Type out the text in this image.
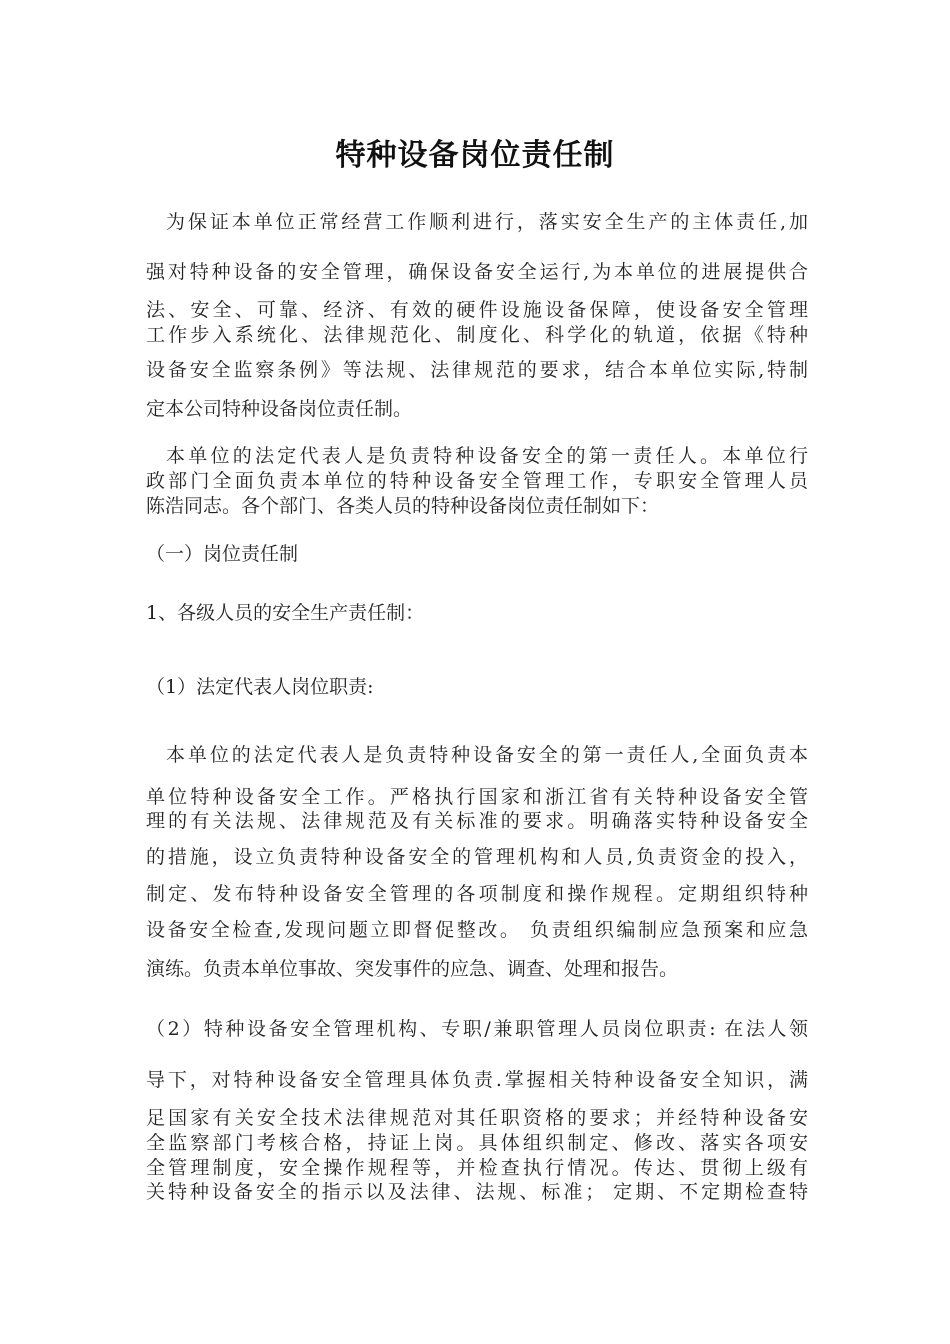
特种设备岗位责任制
为保证本单位正常经营工作顺利进行，落实安全生产的主体责任,加
强对特种设备的安全管理，确保设备安全运行,为本单位的进展提供合
法、安全、可靠、经济、有效的硬件设施设备保障，使设备安全管理
工作步入系统化、法律规范化、制度化、科学化的轨道，依据《特种
设备安全监察条例》等法规、法律规范的要求，结合本单位实际,特制
定本公司特种设备岗位责任制。
本单位的法定代表人是负责特种设备安全的第一责任人。本单位行
政部门全面负责本单位的特种设备安全管理工作，专职安全管理人员
陈浩同志。各个部门、各类人员的特种设备岗位责任制如下：
（一）岗位责任制
1、各级人员的安全生产责任制：
（1）法定代表人岗位职责:
本单位的法定代表人是负责特种设备安全的第一责任人,全面负责本
单位特种设备安全工作。严格执行国家和浙江省有关特种设备安全管
理的有关法规、法律规范及有关标准的要求。明确落实特种设备安全
的措施，设立负责特种设备安全的管理机构和人员,负责资金的投入，
制定、发布特种设备安全管理的各项制度和操作规程。定期组织特种
设备安全检查,发现问题立即督促整改。 负责组织编制应急预案和应急
演练。负责本单位事故、突发事件的应急、调查、处理和报告。
（2）特种设备安全管理机构、专职/兼职管理人员岗位职责: 在法人领
导下，对特种设备安全管理具体负责.掌握相关特种设备安全知识，满
足国家有关安全技术法律规范对其任职资格的要求；并经特种设备安
全监察部门考核合格，持证上岗。具体组织制定、修改、落实各项安
全管理制度，安全操作规程等，并检查执行情况。传达、贯彻上级有
关特种设备安全的指示以及法律、法规、标准； 定期、不定期检查特
